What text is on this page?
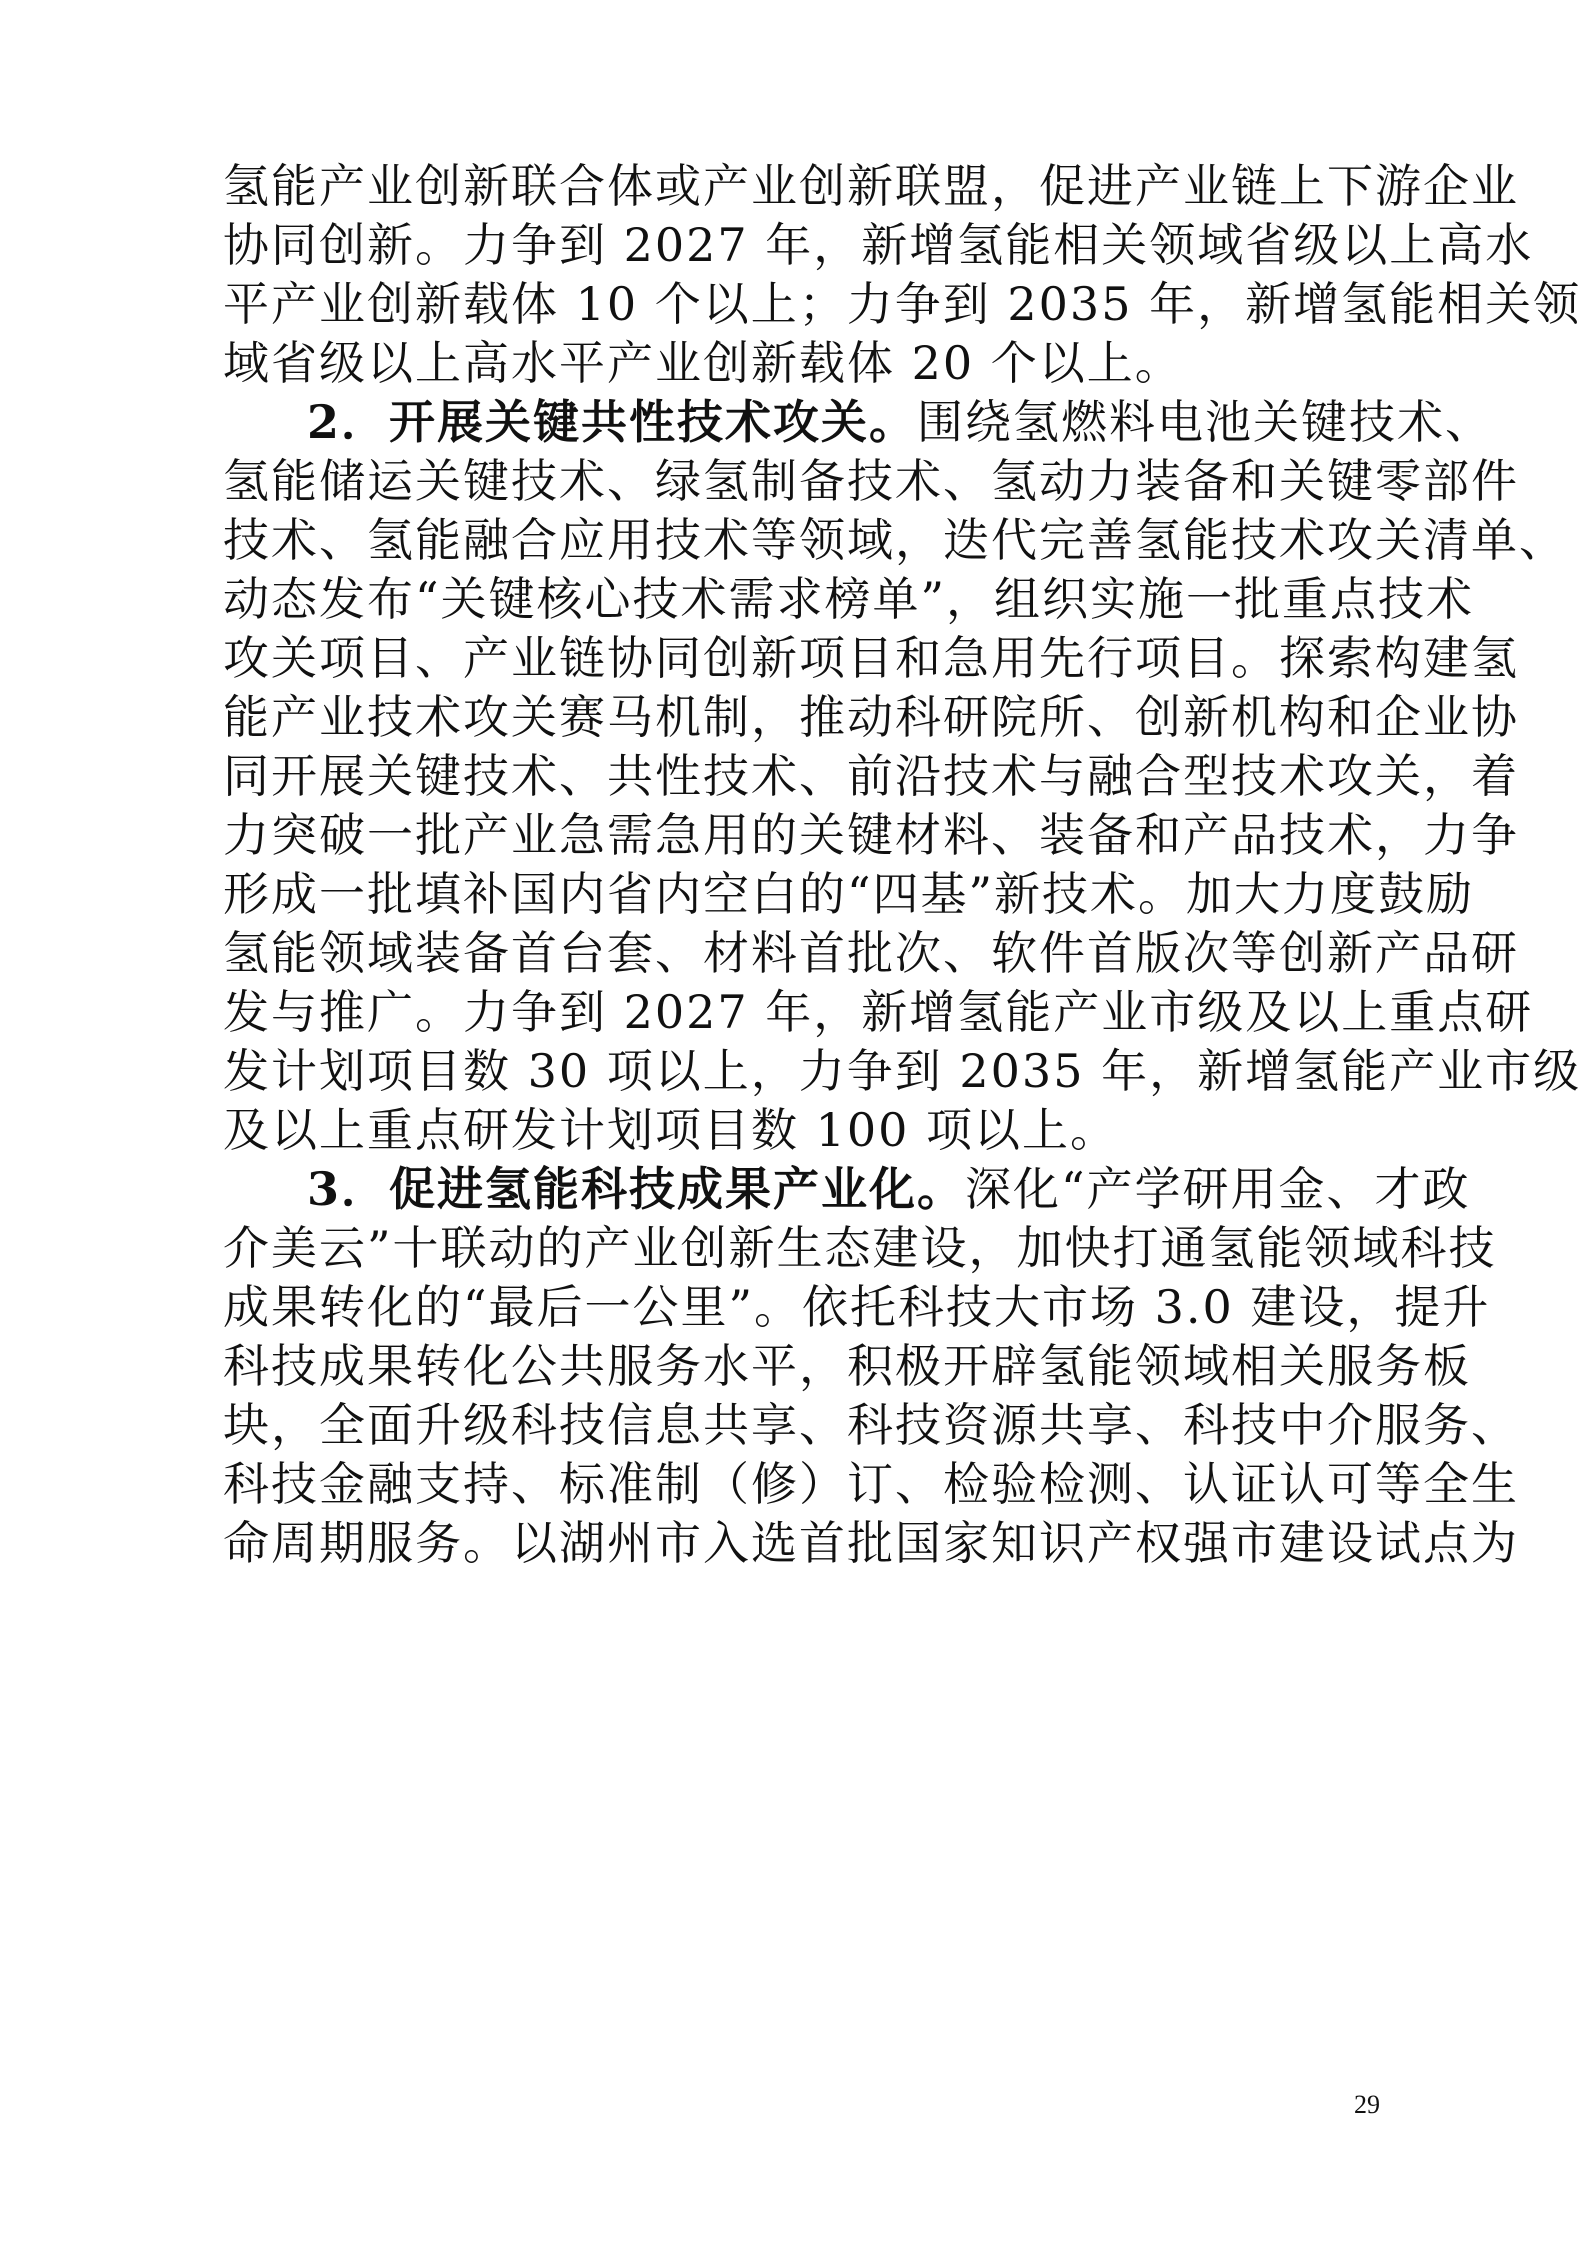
氢能产业创新联合体或产业创新联盟，促进产业链上下游企业
协同创新。力争到 2027 年，新增氢能相关领域省级以上高水
平产业创新载体 10 个以上；力争到 2035 年，新增氢能相关领
域省级以上高水平产业创新载体 20 个以上。
2．开展关键共性技术攻关。围绕氢燃料电池关键技术、
氢能储运关键技术、绿氢制备技术、氢动力装备和关键零部件
技术、氢能融合应用技术等领域，迭代完善氢能技术攻关清单、
动态发布“关键核心技术需求榜单”，组织实施一批重点技术
攻关项目、产业链协同创新项目和急用先行项目。探索构建氢
能产业技术攻关赛马机制，推动科研院所、创新机构和企业协
同开展关键技术、共性技术、前沿技术与融合型技术攻关，着
力突破一批产业急需急用的关键材料、装备和产品技术，力争
形成一批填补国内省内空白的“四基”新技术。加大力度鼓励
氢能领域装备首台套、材料首批次、软件首版次等创新产品研
发与推广。力争到 2027 年，新增氢能产业市级及以上重点研
发计划项目数 30 项以上，力争到 2035 年，新增氢能产业市级
及以上重点研发计划项目数 100 项以上。
3．促进氢能科技成果产业化。深化“产学研用金、才政
介美云”十联动的产业创新生态建设，加快打通氢能领域科技
成果转化的“最后一公里”。依托科技大市场 3.0 建设，提升
科技成果转化公共服务水平，积极开辟氢能领域相关服务板
块，全面升级科技信息共享、科技资源共享、科技中介服务、
科技金融支持、标准制（修）订、检验检测、认证认可等全生
命周期服务。以湖州市入选首批国家知识产权强市建设试点为
29
